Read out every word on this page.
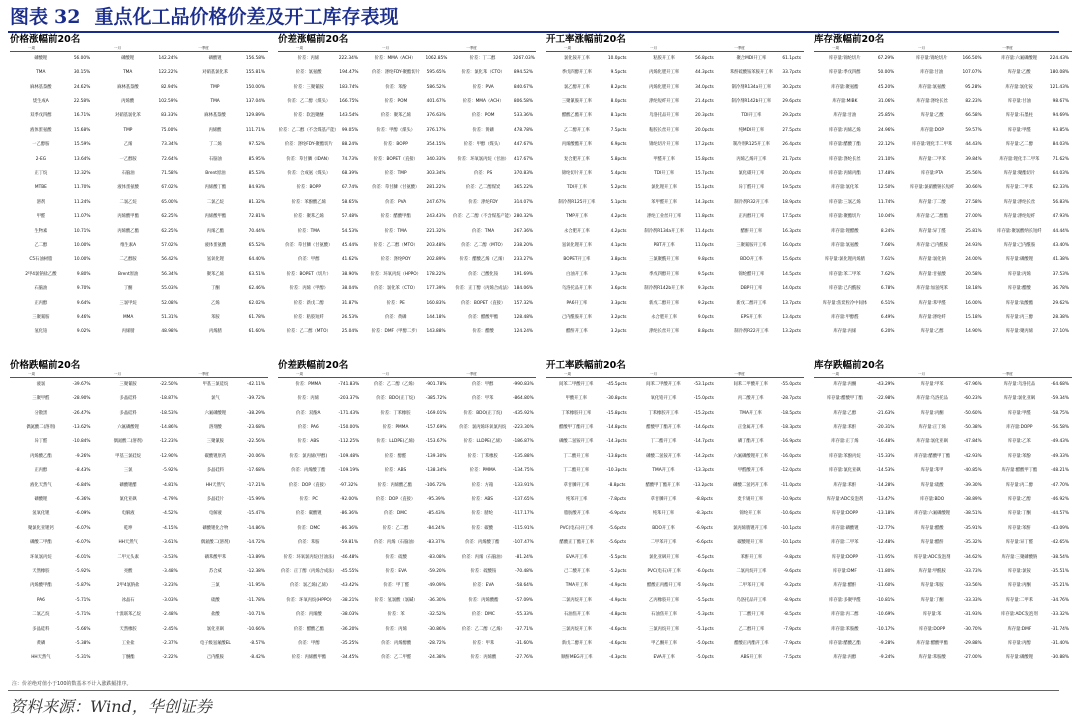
图表 32 重点化工品价格价差及开工库存表现
价格涨幅前20名
一周	一月	一季度
磷酸锂	56.00%	磷酸锂	142.24%	磷酸锂	156.58%
TMA	30.15%	TMA	122.22%	对硝基氯化苯	155.81%
麻林基萘酸	24.62%	麻林基萘酸	82.94%	TMP	150.00%
烧生成A	22.58%	丙烯酸	102.59%	TMA	137.04%
双季戊四醇	16.71%	对硝基氯化苯	83.33%	麻林基萘酸	129.89%
液体蛋氨酸	15.68%	TMP	75.00%	丙烯酸	111.71%
一乙醇胺	15.59%	乙烯	73.34%	丁二烯	97.52%
2-EG	13.64%	一乙醇胺	72.64%	石脑油	85.95%
正丁烷	12.32%	石脑油	71.58%	Brent原油	85.53%
MTBE	11.70%	液体蛋氨酸	67.02%	丙烯酸丁酯	84.93%
溶剂	11.24%	二氯乙烷	65.00%	二氯乙烷	81.32%
甲醛	11.07%	丙烯酸甲酯	62.25%	丙烯酸甲酯	72.81%
生物素	10.71%	丙烯酸乙酯	62.25%	丙烯乙酯	70.44%
乙二醇	10.00%	维生素A	57.02%	液体蛋氨酸	65.52%
C5石油树脂	10.00%	二乙醇胺	56.42%	氢氧化锂	64.40%
2甲4氯钠盐乙酸	9.80%	Brent原油	56.34%	聚苯乙烯	63.51%
石脑油	9.70%	丁酮	55.03%	丁酮	62.46%
正丙醇	9.64%	三氯甲烷	52.08%	乙烯	62.02%
三聚氰胺	9.46%	MMA	51.31%	苯胺	61.78%
氢化铂	9.02%	丙烯腈	48.98%	丙烯腈	61.60%
价差涨幅前20名
一周	一月	一季度
价差：丙烯	222.34%	价差：MMA（ACH）	1062.85%	价差：丁二醇	3267.03%
价差：氯氨酸	194.47%	价差：涤纶FDY-聚酯切片	595.65%	价差：氯化苯（CTO）	894.52%
价差：三聚氰胺	183.74%	价差：苯酚	586.52%	价差：PVA	840.67%
价差：乙二醇（煤头）	166.75%	价差：POM	401.67%	价差：MMA（ACH）	806.58%
价差：软泡聚醚	143.54%	价差：聚苯乙烯	376.63%	价差：POM	533.36%
价差：乙二醇（不含煤基产能） 99.05%	价差：甲醇（煤头）	376.17%	价差：黄磷	478.78%
价差：涤纶FDY-聚酯切片	88.24%	价差：BOPP	354.15%	价差：甲醇（煤头）	447.67%
价差：草甘膦（IDAN）	74.73%	价差：BOPET（直接）	340.33%	价差：环氧氯丙烷（甘油）	417.67%
价差：合成氨（煤头）	68.39%	价差：TMP	303.34%	价差：PS	370.83%
价差：BOPP	67.74%	价差：草甘膦（甘氨酸）	281.22%	价差：乙二醇煤炭	365.22%
价差：苯酚酸乙烯	58.65%	价差：PVA	247.67%	价差：涤纶FDY	314.07%
价差：聚苯乙烯	57.48%	价差：醋酸甲酯	243.43%	价差：乙二醇（不含煤基产能） 280.32%
价差：TMA	54.53%	价差：TMA	221.32%	价差：TMA	267.36%
价差：草甘膦（甘氨酸）	45.44%	价差：乙二醇（MTO）	203.48%	价差：乙二醇（MTO）	238.20%
价差：甲醇	41.62%	价差：涤纶POY	202.89%	价差：醋酸乙烯（乙烯）	233.27%
价差：BOPET（切片）	38.90%	价差：环氧丙烷（HPPO）	178.22%	价差：己酸化铵	191.69%
价差：丙烯（甲醇）	38.04%	价差：氯化苯（CTO）	177.39%	价差：正丁醇（丙烯合成法） 184.06%
价差：新戊二醇	31.87%	价差：PE	160.83%	价差：BOPET（直接）	157.32%
价差：粘胶短纤	26.53%	价差：黄磷	144.18%	价差：醋酸甲酯	128.48%
价差：乙二醇（MTO）	25.04%	价差：DMF（甲醇二步）	143.88%	价差：醋酸	124.24%
开工率涨幅前20名
一周	一月	一季度
氯化铵开工率	10.0pcts	粘胶开工率	56.8pcts	聚合MDI开工率	61.1pcts
季戊四醇开工率	9.5pcts	丙烯化肥开工率	44.3pcts	苯酐硫酸铵苯胺开工率	33.7pcts
氯乙醇开工率	8.2pcts	丙烯化肥开工率	34.0pcts	制冷剂R134a开工率	30.2pcts
三聚氰胺开工率	8.0pcts	涤纶短纤开工率	21.4pcts	制冷剂R142b开工率	29.6pcts
醋酸乙酯开工率	8.1pcts	乌洛托品开工率	20.3pcts	TDI开工率	29.2pcts
乙二醇开工率	7.5pcts	粘胶长丝开工率	20.0pcts	纯MDI开工率	27.5pcts
丙烯酸酯开工率	6.9pcts	锦纶切片开工率	17.2pcts	制冷剂R125开工率	26.4pcts
复合肥开工率	5.8pcts	甲醛开工率	15.8pcts	丙烯乙烯开工率	21.7pcts
锦纶切片开工率	5.4pcts	TDI开工率	15.7pcts	氯化碳开工率	20.0pcts
TDI开工率	5.2pcts	氯化锂开工率	15.1pcts	异丁醛开工率	19.5pcts
制冷剂R125开工率	5.1pcts	苯甲醛开工率	14.3pcts	制冷剂R32开工率	18.9pcts
TMP开工率	4.2pcts	涤纶工业丝开工率	11.8pcts	正丙醇开工率	17.5pcts
永合肥开工率	4.2pcts	制冷剂R134a开工率	11.4pcts	醋酐开工率	16.3pcts
氢氧化锂开工率	4.1pcts	PBT开工率	11.0pcts	三聚氰胺开工率	16.0pcts
BOPET开工率	3.8pcts	三氯聚酰开工率	9.8pcts	BDO开工率	15.6pcts
白油开工率	3.7pcts	季戊四醇开工率	9.5pcts	锦纶醋开工率	14.5pcts
乌洛托品开工率	3.6pcts	制冷剂R142b开工率	9.3pcts	DBP开工率	14.0pcts
PA6开工率	3.3pcts	新戊二醇开工率	9.2pcts	新戊二醇开工率	13.7pcts
己内酰胺开工率	3.2pcts	永合肥开工率	9.0pcts	EPS开工率	13.4pcts
醋酐开工率	3.2pcts	涤纶长丝开工率	8.8pcts	制冷剂R22开工率	13.2pcts
库存涨幅前20名
一周	一月	一季度
库存量:锦纶切片	67.29%	库存量:锦纶切片	166.50%	库存量:六氟磷酸锂	224.43%
库存量:季戊四醇	50.00%	库存量:甘油	107.07%	库存量:乙酸	180.08%
库存量:聚氨酯	45.20%	库存量:氯氨酸	95.28%	库存量:氯化铵	121.43%
库存量:MIBK	31.06%	库存量:涤纶长丝	82.23%	库存量:甘油	98.67%
库存量:甘油	25.85%	库存量:乙酸	66.58%	库存量:石墨柱	94.69%
库存量:丙烯乙烯	24.96%	库存量:DOP	59.57%	库存量:甲醛	93.85%
库存量:醋酸丁酯	22.12%	库存量:锂化丰二甲苯	44.43%	库存量:乙二醇	84.03%
库存量:涤纶长丝	21.10%	库存量:二甲苯	39.84%	库存量:锂化丰二甲苯	71.62%
库存量:丙烯丙酯	17.48%	库存量:PTA	35.56%	库存量:聚酯切片	64.03%
库存量:氯化苯	12.50%	库存量:氯硝酸钠长短纤	30.66%	库存量:二甲苯	62.33%
库存量:三氯乙烯	11.74%	库存量:丁二酸	27.58%	库存量:涤纶长丝	56.83%
库存量:聚酯切片	10.04%	库存量:乙二醇酯	27.00%	库存量:涤纶短纤	47.93%
库存量:锂醋酸	8.24%	库存量:异丁醛	25.81%	库存量:聚氯酸纳长短纤	44.44%
库存量:氯氨酸	7.66%	库存量:己内酰胺	24.93%	库存量:己内酰胺	43.40%
库存量:氯化锂丙烯腈	7.61%	库存量:氯化钠	24.00%	库存量:磷酸锂	41.38%
库存量:苯二甲苯	7.62%	库存量:甘氨酸	20.58%	库存量:丙烯	37.53%
库存量:己内酰胺	6.78%	库存量:加氢纯苯	18.18%	库存量:醋酸	36.78%
库存量:焦炭粒冷中间体	6.51%	库存量:苯甲醛	16.00%	库存量:钛酸酯	29.62%
库存量:甲醇醛	6.49%	库存量:涤纶纤	15.18%	库存量:丙三醇	28.38%
库存量:丙烯	6.20%	库存量:乙醇	14.90%	库存量:聚丙烯	27.10%
价格跌幅前20名
一周	一月	一季度
液氯	-39.67%	三聚氰胺	-22.50%	甲基三氯硅烷	-42.11%
三聚甲醛	-28.90%	多晶硅料	-18.87%	氯气	-39.72%
分散黑	-26.47%	多晶硅料	-18.53%	六氟磷酸锂	-38.29%
偶氮酸二(溶剂)	-13.62%	六氟磷酸锂	-14.86%	溶剂酸	-23.68%
异丁醛	-10.84%	偶氮酸二(溶剂)	-12.23%	三聚氰胺	-22.56%
丙烯酸乙酯	-9.26%	甲基三氯硅烷	-12.90%	碳酸锂原药	-20.06%
正丙醇	-8.43%	三氯	-5.92%	多晶硅料	-17.68%
液化天然气	-6.84%	磷酸锂醋	-4.81%	HH天然气	-17.21%
磷酸锂	-6.36%	氯化亚砜	-4.79%	多晶硅片	-15.99%
氢氧化锂	-6.09%	电解液	-4.52%	电解液	-15.47%
聚氯化亚锂钙	-6.07%	乾坤	-4.15%	磷酸锂化合物	-14.86%
磷酸二甲酯	-6.07%	HH天然气	-3.61%	偶氮酸二(溶剂)	-14.72%
环氧氯丙烷	-6.01%	二甲元头素	-3.53%	磷苯酸甲苯	-13.89%
天然橡胶	-5.92%	亮酸	-3.48%	苏合威	-12.38%
丙烯酸甲酯	-5.87%	2甲4氯钠盐	-3.23%	三氯	-11.95%
PA6	-5.71%	冰晶石	-3.03%	硫酸	-11.78%
二氯乙烷	-5.71%	十溴联苯乙烷	-2.48%	盐酸	-10.71%
多晶硅料	-5.66%	天然橡胶	-2.45%	氯化亚砜	-10.66%
黄磷	-5.38%	工业盐	-2.37%	电子级氢氟酸EL	-8.57%
HH天然气	-5.31%	丁醚酯	-2.22%	己内酰胺	-8.42%
价差跌幅前20名
一周	一月	一季度
价差：PMMA	-741.83%	价差：乙二醇（乙烯）	-901.78%	价差：甲醇	-990.83%
价差：丙烯	-203.37%	价差：BDO(正丁烷)	-385.72%	价差：甲苯	-864.80%
价差：双酚A	-171.43%	价差：丁苯橡胶	-169.01%	价差：BDO(正丁烷)	-435.92%
价差：PA6	-150.00%	价差：PMMA	-157.69%	价差：氯丙烯环氧氯丙烷	-223.30%
价差：ABS	-112.25%	价差：LLDPE(乙烯)	-153.67%	价差：LLDPE(乙烯)	-186.87%
价差：氯丙烯(甲醇)	-109.48%	价差：醇醛	-139.30%	价差：丁苯橡胶	-135.88%
价差：丙烯酸丁酯	-109.19%	价差：ABS	-138.34%	价差：PMMA	-134.75%
价差：DOP（直接）	-97.32%	价差：丙烯酸乙酯	-106.72%	价差：方箱	-133.91%
价差：PC	-92.00%	价差：DOP（直接）	-95.39%	价差：ABS	-137.65%
价差：碳酸锂	-86.36%	价差：DMC	-85.43%	价差：腈纶	-117.17%
价差：DMC	-86.36%	价差：乙二醇	-84.24%	价差：碳酸	-115.91%
价差：苯胺	-59.81%	价差：丙烯（石脑油）	-83.37%	价差：丙烯酸丁酯	-107.47%
价差：环氧氯丙烷(甘油法)	-46.48%	价差：硫酸	-83.08%	价差：丙烯（石脑油）	-81.24%
价差：正丁醇（丙烯合成法） -45.55%	价差：EVA	-59.20%	价差：硫酸铵	-70.48%
价差：氯乙烯(乙烯)	-43.42%	价差：甲丁醛	-49.09%	价差：EVA	-58.64%
价差：环氧丙烷(HPPO)	-38.21%	价差：氢氯酸（氯碱）	-36.30%	价差：丙烯酸酯	-57.09%
价差：丙烯酸	-38.03%	价差：苯	-32.52%	价差：DMC	-55.33%
价差：醋酸乙酯	-36.20%	价差：丙烯	-30.86%	价差：乙二醇（乙烯）	-37.71%
价差：甲醇	-35.25%	价差：丙烯醇酸	-28.72%	价差：甲苯	-31.60%
价差：丙烯酸甲酯	-34.45%	价差：乙二甲醛	-24.38%	价差：丙烯酸	-27.76%
开工率跌幅前20名
一周	一月	一季度
间苯二甲酸开工率	-45.5pcts	间苯二甲酸开工率	-53.1pcts	间苯二甲酸开工率	-55.0pcts
甲酸开工率	-30.8pcts	氧化锆开工率	-15.0pcts	丙二酸开工率	-28.7pcts
丁苯橡胶开工率	-15.8pcts	丁苯橡胶开工率	-15.2pcts	TMA开工率	-18.5pcts
醋酸甲丁酯开工率	-14.8pcts	醋酸甲丁酯开工率	-14.6pcts	正金属开工率	-18.3pcts
磷酸二氢铵开工率	-14.3pcts	丁二酯开工率	-14.7pcts	磷丁酯开工率	-16.9pcts
丁二酸开工率	-13.8pcts	磷酸二氢铵开工率	-14.2pcts	六氟磷酸锂开工率	-16.0pcts
丁二酯开工率	-10.3pcts	TMA开工率	-13.3pcts	甲醛酸开工率	-12.0pcts
草甘膦开工率	-8.8pcts	醋酸甲丁酯开工率	-13.2pcts	磷酸二氢钙开工率	-11.0pcts
纯苯开工率	-7.8pcts	草甘膦开工率	-8.8pcts	麦卡锡开工率	-10.9pcts
脂肪酸开工率	-6.9pcts	纯苯开工率	-8.3pcts	锦纶开工率	-10.6pcts
PVC(电石)开工率	-5.6pcts	BDO开工率	-6.9pcts	氯丙烯腈锂开工率	-10.1pcts
醋酸正丁酯开工率	-5.6pcts	二甲苯开工率	-6.6pcts	碳酸锂开工率	-10.1pcts
EVA开工率	-5.5pcts	氯化亚砜开工率	-6.5pcts	苯酐开工率	-9.8pcts
己二酸开工率	-5.2pcts	PVC(电石)开工率	-6.0pcts	二氯丙烷开工率	-9.6pcts
TMA开工率	-4.9pcts	醋酸正丙酯开工率	-5.9pcts	二甲苯开工率	-9.2pcts
二氯丙烷开工率	-4.9pcts	乙丙橡胶开工率	-5.5pcts	乌洛托品开工率	-8.9pcts
石油焦开工率	-4.8pcts	石油焦开工率	-5.3pcts	丁二酸开工率	-8.5pcts
三氯丙烷开工率	-4.6pcts	三氯丙烷开工率	-5.1pcts	乙二醇开工率	-7.9pcts
新戊二醇开工率	-4.6pcts	甲乙酮开工率	-5.0pcts	醋酸正丙酯开工率	-7.9pcts
顺酐MEG开工率	-4.3pcts	EVA开工率	-5.0pcts	ABS开工率	-7.5pcts
库存跌幅前20名
一周	一月	一季度
库存量:丙酮	-43.29%	库存量:甲苯	-67.96%	库存量:乌洛托品	-64.68%
库存量:醋酸甲丁酯	-22.98%	库存量:乌洛托品	-60.23%	库存量:氯化亚砜	-59.34%
库存量:乙醇	-21.63%	库存量:丙酮	-50.60%	库存量:甲醛	-58.75%
库存量:苯酐	-20.31%	库存量:正丁烯	-50.38%	库存量:DOPP	-56.58%
库存量:正丁烯	-16.48%	库存量:氯化亚砜	-47.84%	库存量:乙苯	-49.43%
库存量:苯酚丙烷	-15.33%	库存量:醋酸甲丁酯	-42.93%	库存量:苯酚	-49.33%
库存量:氯化亚砜	-14.53%	库存量:苯甲	-40.85%	库存量:醋酸甲丁酯	-48.21%
库存量:苯酐	-14.28%	库存量:硫酸	-39.30%	库存量:丙二醇	-47.70%
库存量:ADC发泡剂	-13.47%	库存量:BDO	-38.89%	库存量:乙醇	-46.92%
库存量:DOPP	-13.18%	库存量:六氟磷酸锂	-38.51%	库存量:丁酮	-44.57%
库存量:磷酸锂	-12.77%	库存量:醋酸	-35.91%	库存量:苯酐	-43.09%
库存量:二甲苯	-12.48%	库存量:醋酐	-35.32%	库存量:异丁醛	-42.65%
库存量:DOPP	-11.95%	库存量:ADC发泡剂	-34.62%	库存量:三聚磷酸钠	-38.54%
库存量:DMF	-11.80%	库存量:甲酰胺	-33.73%	库存量:氯铵	-35.51%
库存量:醋酐	-11.60%	库存量:苯胺	-33.56%	库存量:丙酮	-35.21%
库存量:多聚甲醛	-10.81%	库存量:丁酮	-33.33%	库存量:二甲苯	-34.76%
库存量:丙二醇	-10.69%	库存量:苯	-31.93%	库存量:ADC发泡剂	-33.32%
库存量:苯胺酸	-10.17%	库存量:DOPP	-30.70%	库存量:DMF	-31.74%
库存量:醋酸乙酯	-9.28%	库存量:醋酸甲酯	-29.88%	库存量:丙醇	-31.40%
库存量:丙醇	-9.24%	库存量:苯胺酸	-27.00%	库存量:磷酸锂	-30.88%
注：价差绝对值小于100的数基本不计入涨跌幅排序。
资料来源：Wind，华创证券
